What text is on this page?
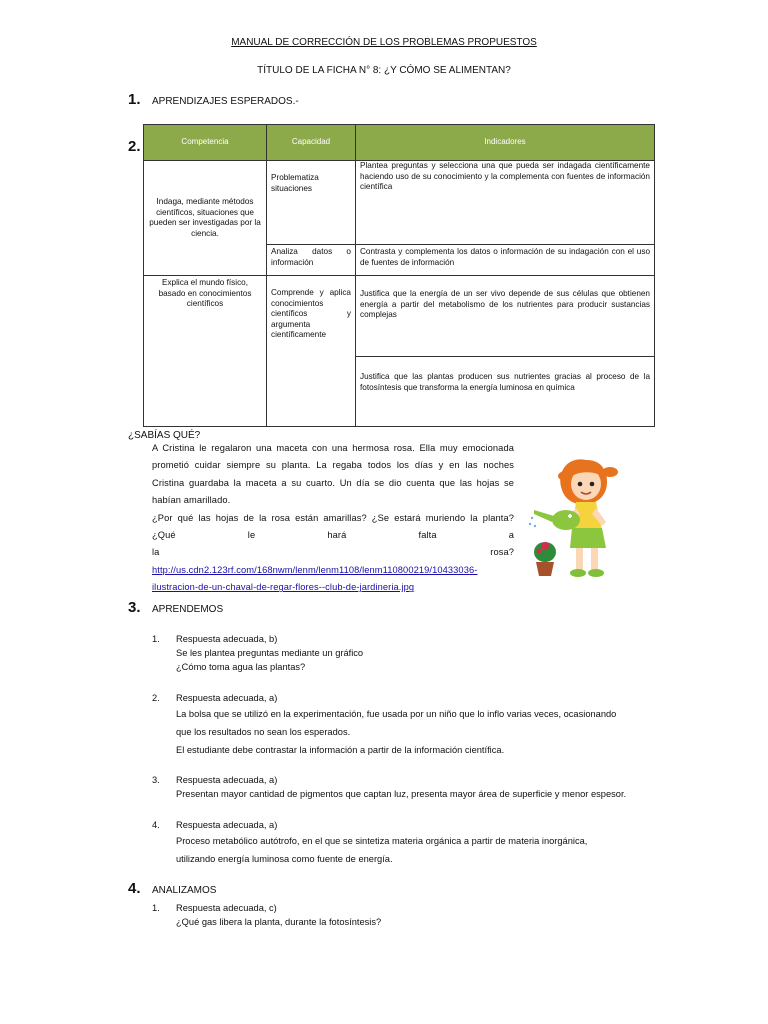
MANUAL DE CORRECCIÓN DE LOS PROBLEMAS PROPUESTOS
TÍTULO DE LA FICHA N° 8: ¿Y CÓMO SE ALIMENTAN?
1. APRENDIZAJES ESPERADOS.-
2.	Competencia	Capacidad	Indicadores
Indaga, mediante métodos científicos, situaciones que pueden ser investigadas por la ciencia.	Problematiza situaciones	Plantea preguntas y selecciona una que pueda ser indagada científicamente haciendo uso de su conocimiento y la complementa con fuentes de información científica
	Analiza datos o información	Contrasta y complementa los datos o información de su indagación con el uso de fuentes de información
Explica el mundo físico, basado en conocimientos científicos	Comprende y aplica conocimientos científicos y argumenta científicamente	Justifica que la energía de un ser vivo depende de sus células que obtienen energía a partir del metabolismo de los nutrientes para producir sustancias complejas
		Justifica que las plantas producen sus nutrientes gracias al proceso de la fotosíntesis que transforma la energía luminosa en química
¿SABÍAS QUÉ?
A Cristina le regalaron una maceta con una hermosa rosa. Ella muy emocionada
prometió cuidar siempre su planta. La regaba todos los días y en las noches
Cristina guardaba la maceta a su cuarto. Un día se dio cuenta que las hojas se
habían amarillado.
¿Por qué las hojas de la rosa están amarillas? ¿Se estará muriendo la planta?
¿Qué le hará falta a la rosa?
http://us.cdn2.123rf.com/168nwm/lenm/lenm1108/lenm110800219/10433036-
ilustracion-de-un-chaval-de-regar-flores--club-de-jardineria.jpg
3. APRENDEMOS
1. Respuesta adecuada, b)
Se les plantea preguntas mediante un gráfico
¿Cómo toma agua las plantas?
2. Respuesta adecuada, a)
La bolsa que se utilizó en la experimentación, fue usada por un niño que lo inflo varias veces, ocasionando
que los resultados no sean los esperados.
El estudiante debe contrastar la información a partir de la información científica.
3. Respuesta adecuada, a)
Presentan mayor cantidad de pigmentos que captan luz, presenta mayor área de superficie y menor espesor.
4. Respuesta adecuada, a)
Proceso metabólico autótrofo, en el que se sintetiza materia orgánica a partir de materia inorgánica,
utilizando energía luminosa como fuente de energía.
4. ANALIZAMOS
1. Respuesta adecuada, c)
¿Qué gas libera la planta, durante la fotosíntesis?
